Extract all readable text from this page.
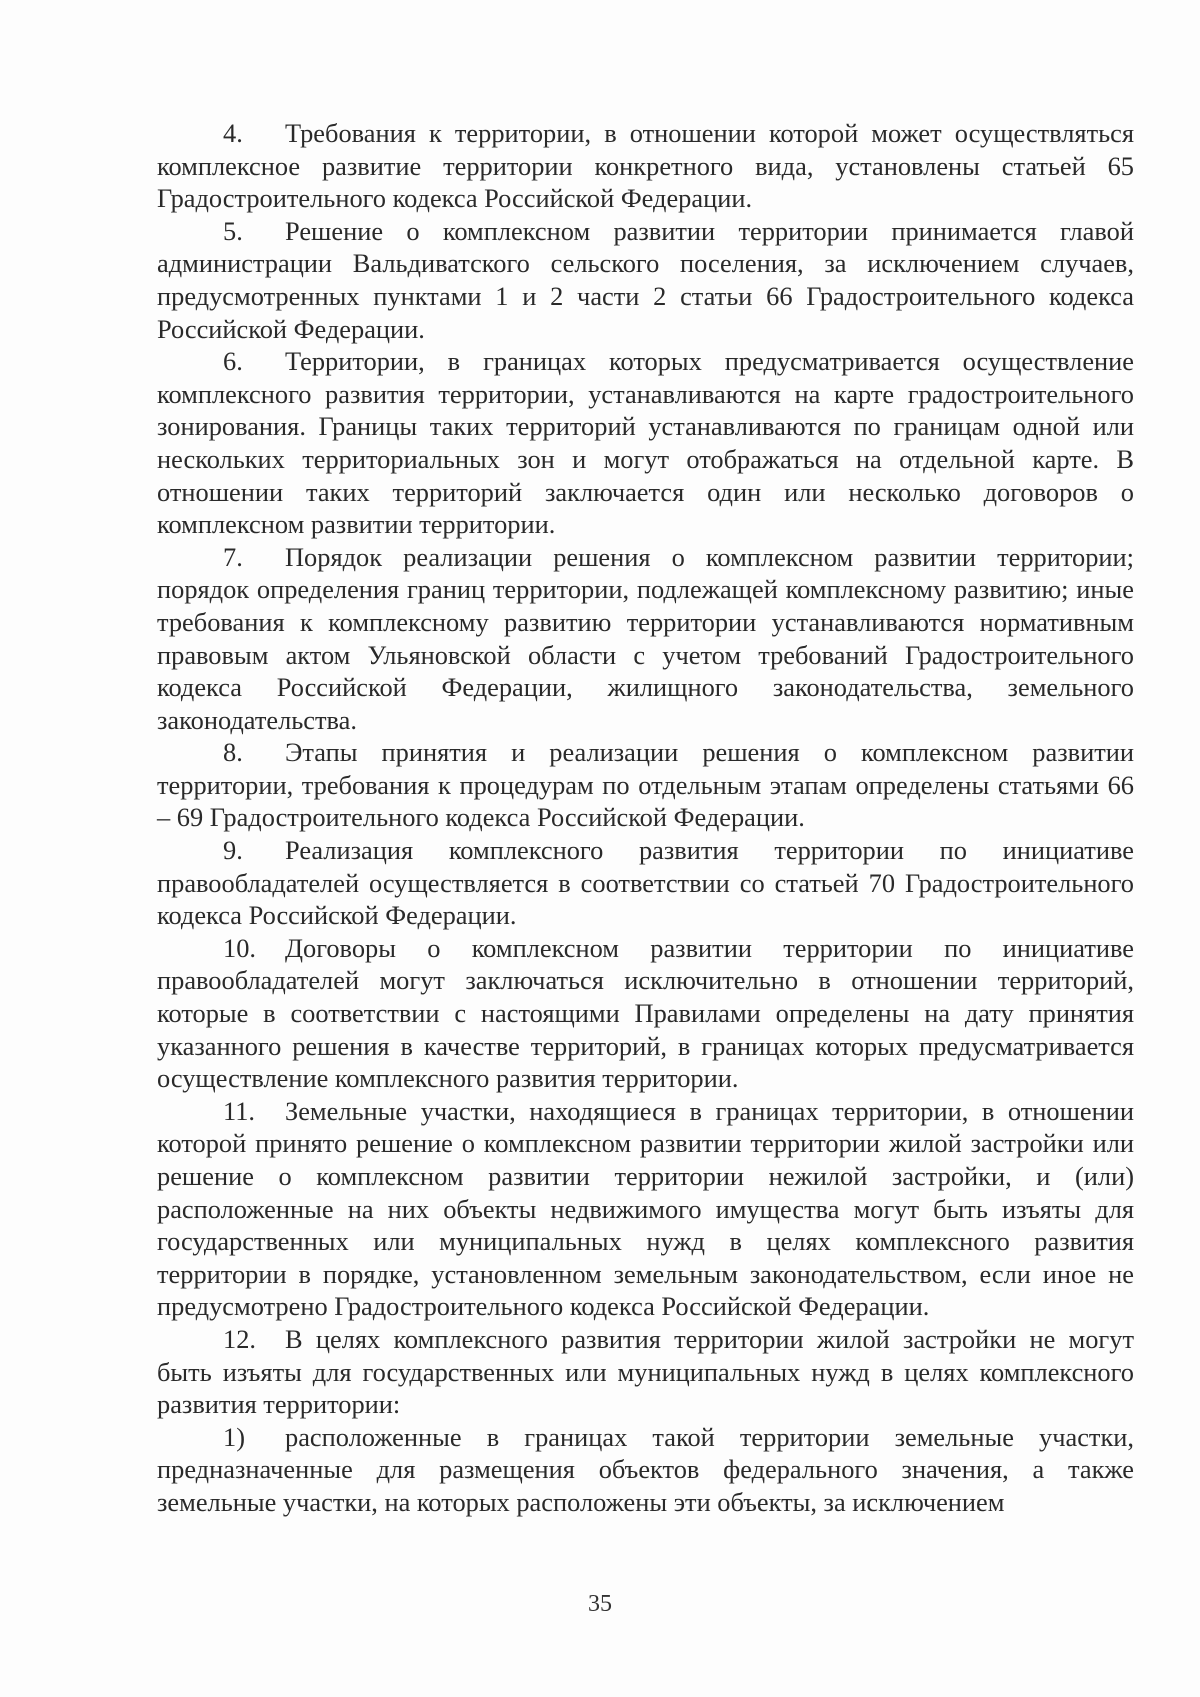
4. Требования к территории, в отношении которой может осуществляться комплексное развитие территории конкретного вида, установлены статьей 65 Градостроительного кодекса Российской Федерации.

5. Решение о комплексном развитии территории принимается главой администрации Вальдиватского сельского поселения, за исключением случаев, предусмотренных пунктами 1 и 2 части 2 статьи 66 Градостроительного кодекса Российской Федерации.

6. Территории, в границах которых предусматривается осуществление комплексного развития территории, устанавливаются на карте градостроительного зонирования. Границы таких территорий устанавливаются по границам одной или нескольких территориальных зон и могут отображаться на отдельной карте. В отношении таких территорий заключается один или несколько договоров о комплексном развитии территории.

7. Порядок реализации решения о комплексном развитии территории; порядок определения границ территории, подлежащей комплексному развитию; иные требования к комплексному развитию территории устанавливаются нормативным правовым актом Ульяновской области с учетом требований Градостроительного кодекса Российской Федерации, жилищного законодательства, земельного законодательства.

8. Этапы принятия и реализации решения о комплексном развитии территории, требования к процедурам по отдельным этапам определены статьями 66 – 69 Градостроительного кодекса Российской Федерации.

9. Реализация комплексного развития территории по инициативе правообладателей осуществляется в соответствии со статьей 70 Градостроительного кодекса Российской Федерации.

10. Договоры о комплексном развитии территории по инициативе правообладателей могут заключаться исключительно в отношении территорий, которые в соответствии с настоящими Правилами определены на дату принятия указанного решения в качестве территорий, в границах которых предусматривается осуществление комплексного развития территории.

11. Земельные участки, находящиеся в границах территории, в отношении которой принято решение о комплексном развитии территории жилой застройки или решение о комплексном развитии территории нежилой застройки, и (или) расположенные на них объекты недвижимого имущества могут быть изъяты для государственных или муниципальных нужд в целях комплексного развития территории в порядке, установленном земельным законодательством, если иное не предусмотрено Градостроительного кодекса Российской Федерации.

12. В целях комплексного развития территории жилой застройки не могут быть изъяты для государственных или муниципальных нужд в целях комплексного развития территории:

1) расположенные в границах такой территории земельные участки, предназначенные для размещения объектов федерального значения, а также земельные участки, на которых расположены эти объекты, за исключением

35
